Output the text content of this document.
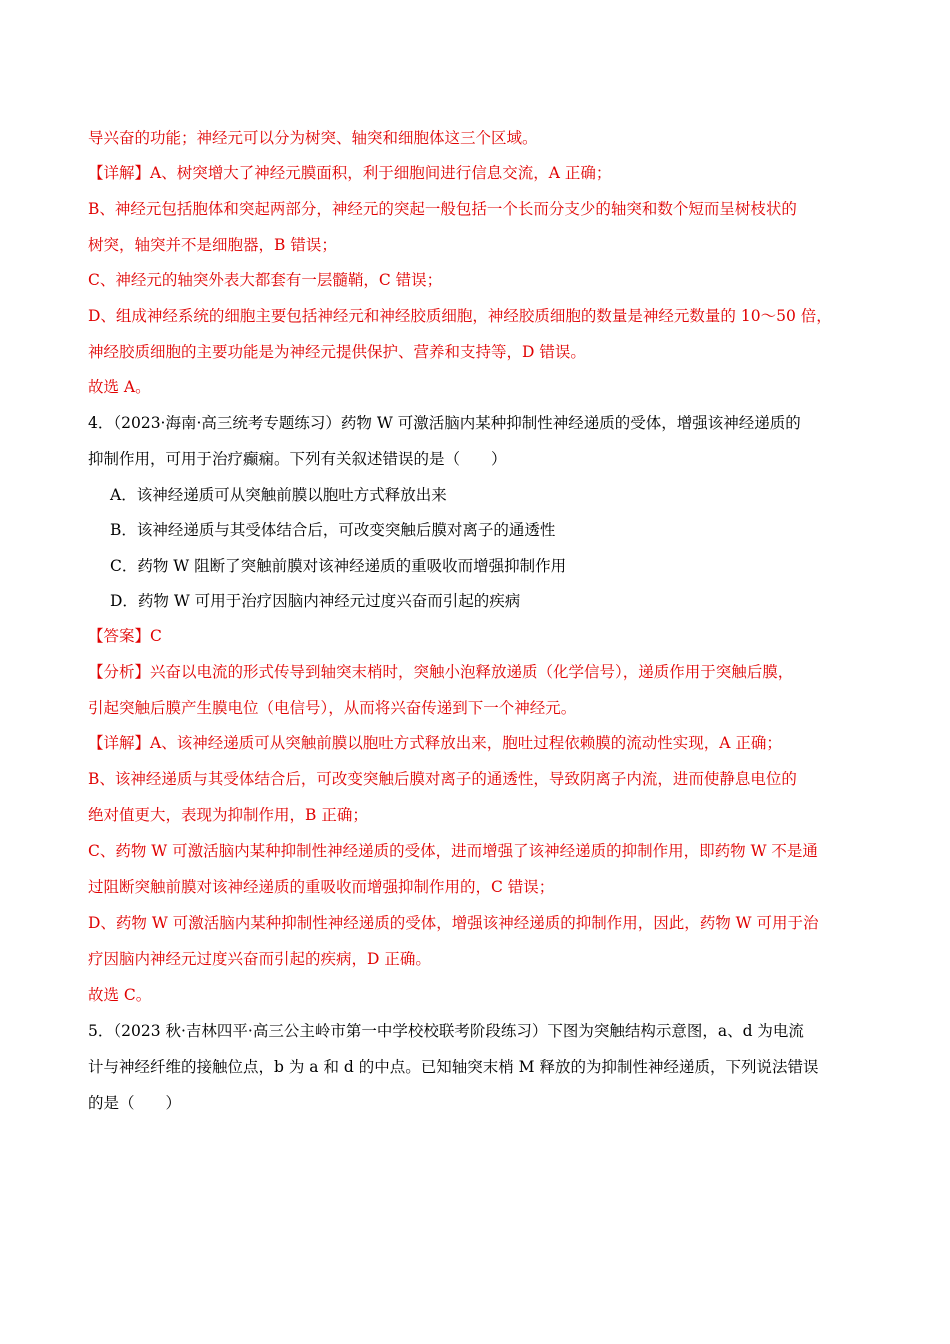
导兴奋的功能；神经元可以分为树突、轴突和细胞体这三个区域。
【详解】A、树突增大了神经元膜面积，利于细胞间进行信息交流，A 正确；
B、神经元包括胞体和突起两部分，神经元的突起一般包括一个长而分支少的轴突和数个短而呈树枝状的
树突，轴突并不是细胞器，B 错误；
C、神经元的轴突外表大都套有一层髓鞘，C 错误；
D、组成神经系统的细胞主要包括神经元和神经胶质细胞，神经胶质细胞的数量是神经元数量的 10～50 倍，
神经胶质细胞的主要功能是为神经元提供保护、营养和支持等，D 错误。
故选 A。
4．（2023·海南·高三统考专题练习）药物 W 可激活脑内某种抑制性神经递质的受体，增强该神经递质的
抑制作用，可用于治疗癫痫。下列有关叙述错误的是（　　）
A．该神经递质可从突触前膜以胞吐方式释放出来
B．该神经递质与其受体结合后，可改变突触后膜对离子的通透性
C．药物 W 阻断了突触前膜对该神经递质的重吸收而增强抑制作用
D．药物 W 可用于治疗因脑内神经元过度兴奋而引起的疾病
【答案】C
【分析】兴奋以电流的形式传导到轴突末梢时，突触小泡释放递质（化学信号），递质作用于突触后膜，
引起突触后膜产生膜电位（电信号），从而将兴奋传递到下一个神经元。
【详解】A、该神经递质可从突触前膜以胞吐方式释放出来，胞吐过程依赖膜的流动性实现，A 正确；
B、该神经递质与其受体结合后，可改变突触后膜对离子的通透性，导致阴离子内流，进而使静息电位的
绝对值更大，表现为抑制作用，B 正确；
C、药物 W 可激活脑内某种抑制性神经递质的受体，进而增强了该神经递质的抑制作用，即药物 W 不是通
过阻断突触前膜对该神经递质的重吸收而增强抑制作用的，C 错误；
D、药物 W 可激活脑内某种抑制性神经递质的受体，增强该神经递质的抑制作用，因此，药物 W 可用于治
疗因脑内神经元过度兴奋而引起的疾病，D 正确。
故选 C。
5．（2023 秋·吉林四平·高三公主岭市第一中学校校联考阶段练习）下图为突触结构示意图，a、d 为电流
计与神经纤维的接触位点，b 为 a 和 d 的中点。已知轴突末梢 M 释放的为抑制性神经递质，下列说法错误
的是（　　）
